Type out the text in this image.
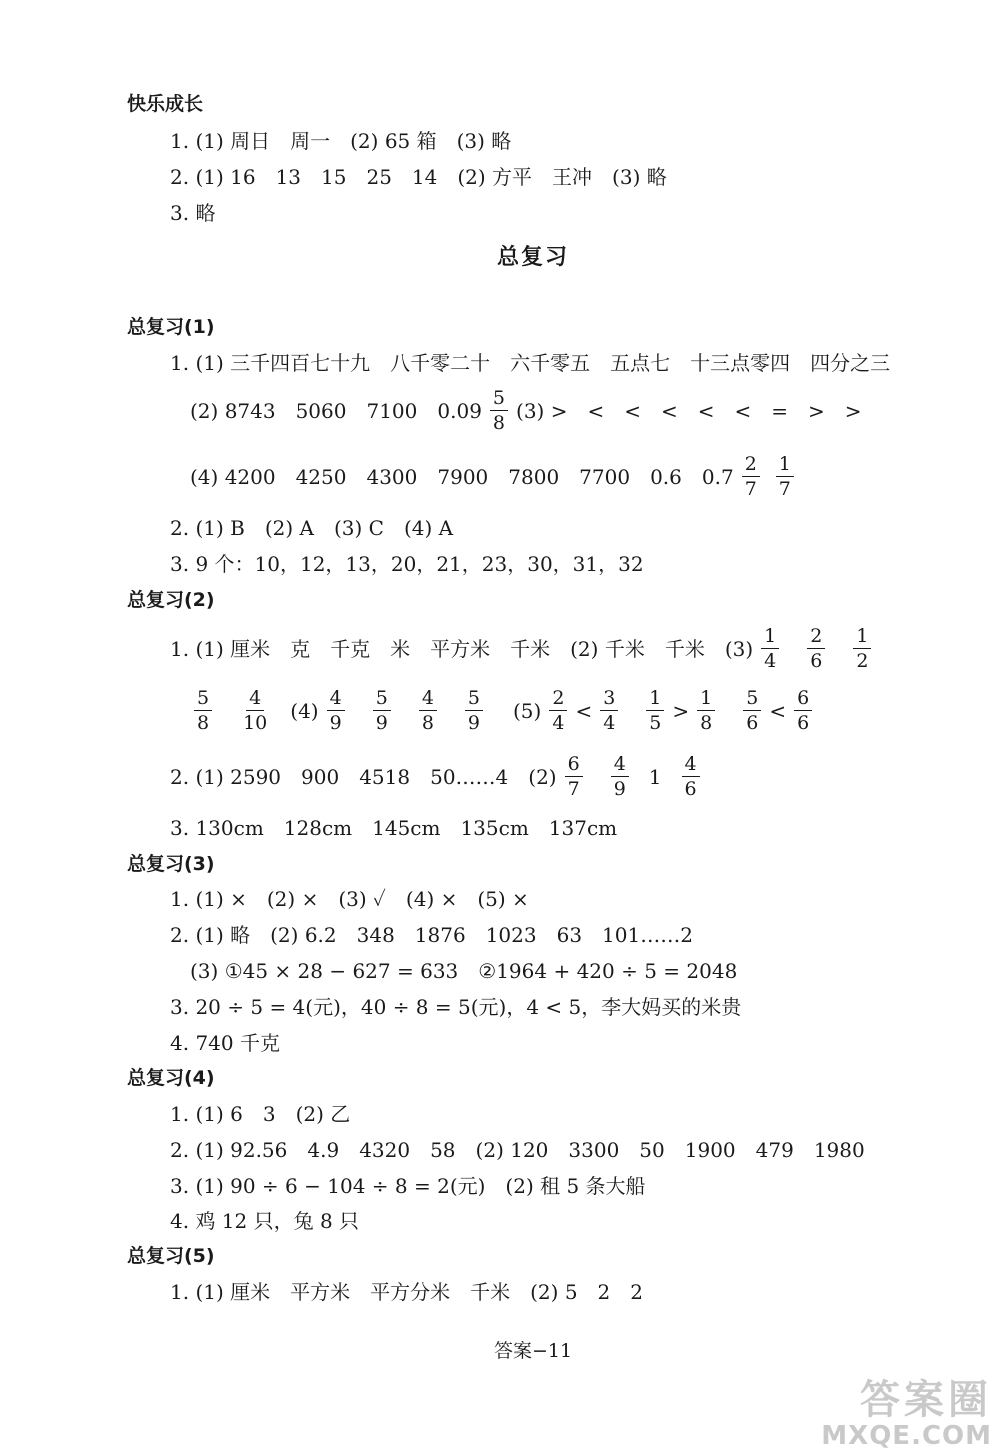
快乐成长
1. (1) 周日　周一　(2) 65 箱　(3) 略
2. (1) 16　13　15　25　14　(2) 方平　王冲　(3) 略
3. 略
总复习
总复习(1)
1. (1) 三千四百七十九　八千零二十　六千零五　五点七　十三点零四　四分之三
(2) 8743　5060　7100　$0.09 \frac{5}{8} (3)$ >　<　<　<　<　<　=　>　>
(4) 4200　4250　4300　7900　7800　7700　0.6　$0.7 \frac{2}{7} \frac{1}{7}$
2. (1) B　(2) A　(3) C　(4) A
3. 9 个：10，12，13，20，21，23，30，31，32
总复习(2)
1. (1) 厘米　克　千克　米　平方米　千米　(2) 千米　千米　$(3) \frac{1}{4} \frac{2}{6} \frac{1}{2}$
$\frac{5}{8} \frac{4}{10} (4) \frac{4}{9} \frac{5}{9} \frac{4}{8} \frac{5}{9} (5) \frac{2}{4} < \frac{3}{4} \frac{1}{5} > \frac{1}{8} \frac{5}{6} < \frac{6}{6}$
2. (1) 2590　900　4518　50……4　$(2) \frac{6}{7} \frac{4}{9} 1 \frac{4}{6}$
3. 130cm　128cm　145cm　135cm　137cm
总复习(3)
1. (1) ×　(2) ×　(3) ✓　(4) ×　(5) ×
2. (1) 略　(2) 6.2　348　1876　1023　63　101……2
(3) ①45 × 28 − 627 = 633　②1964 + 420 ÷ 5 = 2048
3. 20 ÷ 5 = 4(元)，40 ÷ 8 = 5(元)，4 < 5，李大妈买的米贵
4. 740 千克
总复习(4)
1. (1) 6　3　(2) 乙
2. (1) 92.56　4.9　4320　58　(2) 120　3300　50　1900　479　1980
3. (1) 90 ÷ 6 − 104 ÷ 8 = 2(元)　(2) 租 5 条大船
4. 鸡 12 只，兔 8 只
总复习(5)
1. (1) 厘米　平方米　平方分米　千米　(2) 5　2　2
答案−11
答案圈
MXQE.COM
